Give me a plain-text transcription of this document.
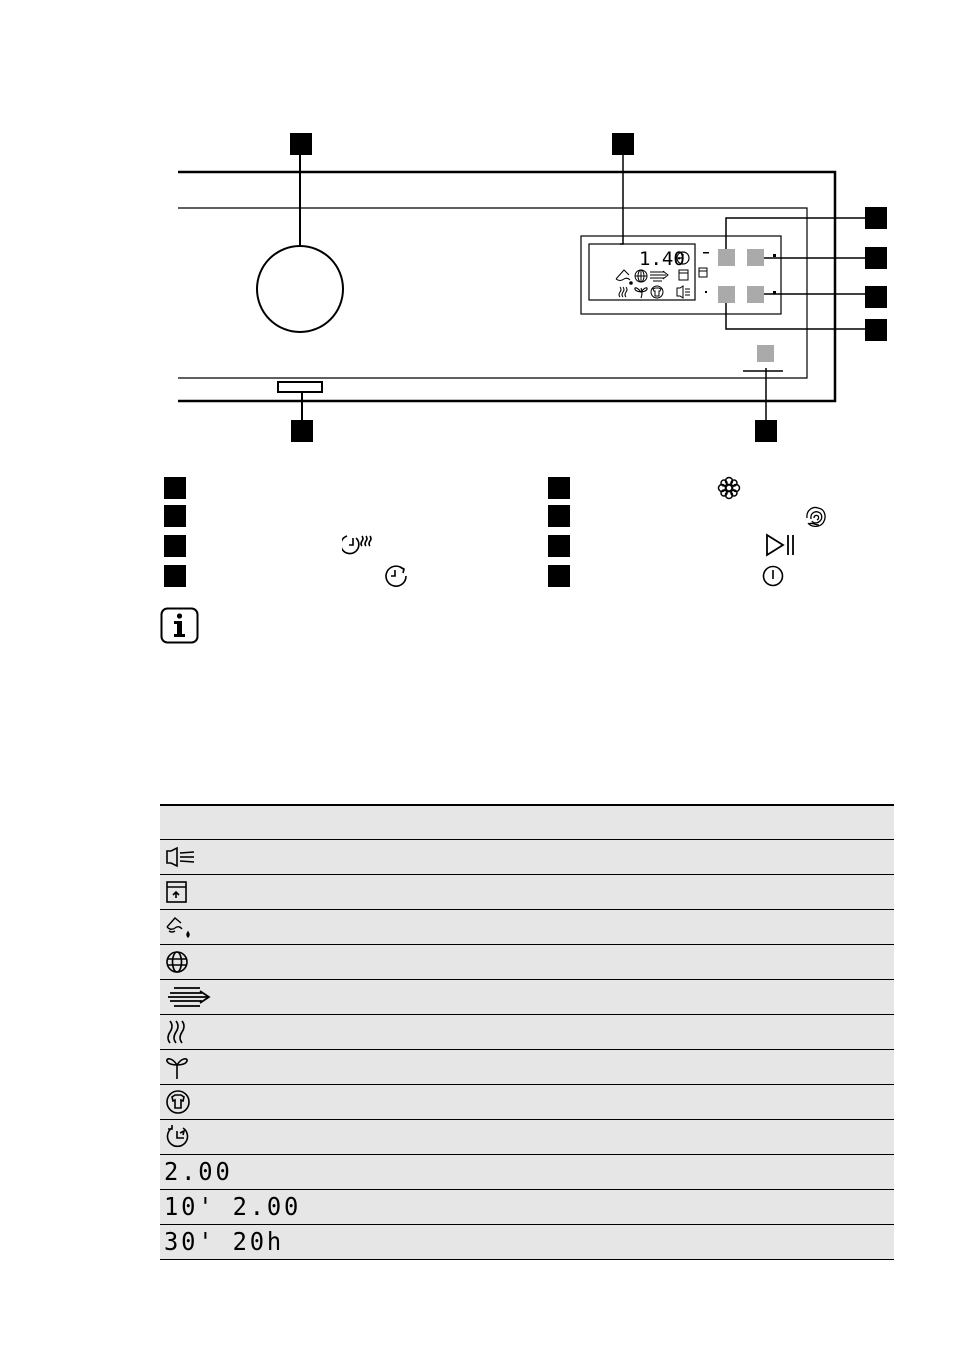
1.40

2.00	
10' 2.00	
30' 20h	
